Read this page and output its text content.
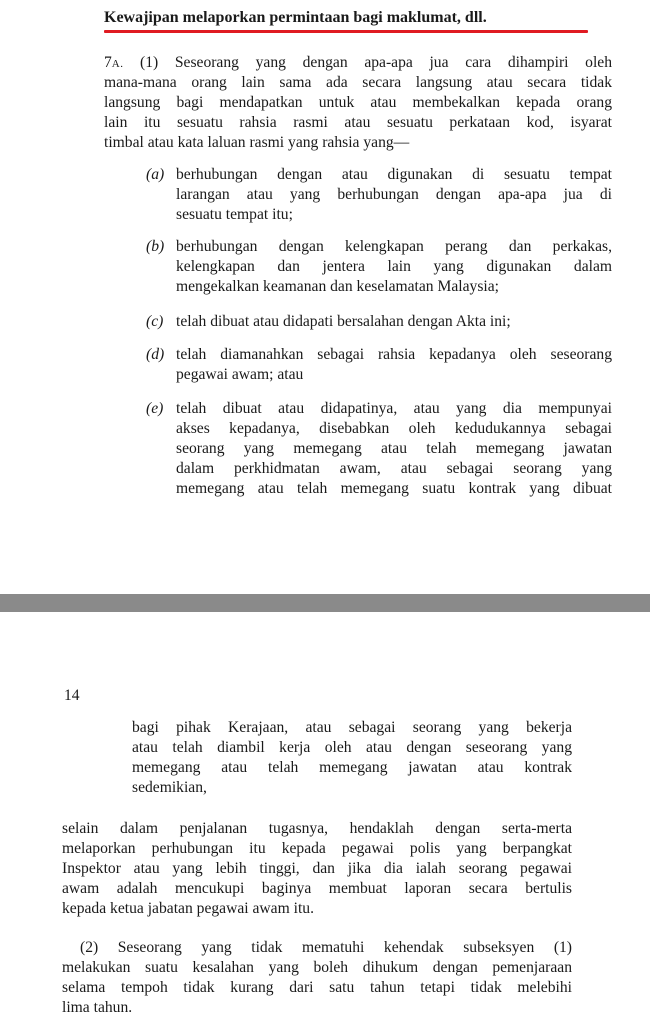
Kewajipan melaporkan permintaan bagi maklumat, dll.
7A. (1) Seseorang yang dengan apa-apa jua cara dihampiri oleh
mana-mana orang lain sama ada secara langsung atau secara tidak
langsung bagi mendapatkan untuk atau membekalkan kepada orang
lain itu sesuatu rahsia rasmi atau sesuatu perkataan kod, isyarat
timbal atau kata laluan rasmi yang rahsia yang—
(a) berhubungan dengan atau digunakan di sesuatu tempat
larangan atau yang berhubungan dengan apa-apa jua di
sesuatu tempat itu;
(b) berhubungan dengan kelengkapan perang dan perkakas,
kelengkapan dan jentera lain yang digunakan dalam
mengekalkan keamanan dan keselamatan Malaysia;
(c) telah dibuat atau didapati bersalahan dengan Akta ini;
(d) telah diamanahkan sebagai rahsia kepadanya oleh seseorang
pegawai awam; atau
(e) telah dibuat atau didapatinya, atau yang dia mempunyai
akses kepadanya, disebabkan oleh kedudukannya sebagai
seorang yang memegang atau telah memegang jawatan
dalam perkhidmatan awam, atau sebagai seorang yang
memegang atau telah memegang suatu kontrak yang dibuat
14
bagi pihak Kerajaan, atau sebagai seorang yang bekerja
atau telah diambil kerja oleh atau dengan seseorang yang
memegang atau telah memegang jawatan atau kontrak
sedemikian,
selain dalam penjalanan tugasnya, hendaklah dengan serta-merta
melaporkan perhubungan itu kepada pegawai polis yang berpangkat
Inspektor atau yang lebih tinggi, dan jika dia ialah seorang pegawai
awam adalah mencukupi baginya membuat laporan secara bertulis
kepada ketua jabatan pegawai awam itu.
(2) Seseorang yang tidak mematuhi kehendak subseksyen (1)
melakukan suatu kesalahan yang boleh dihukum dengan pemenjaraan
selama tempoh tidak kurang dari satu tahun tetapi tidak melebihi
lima tahun.
